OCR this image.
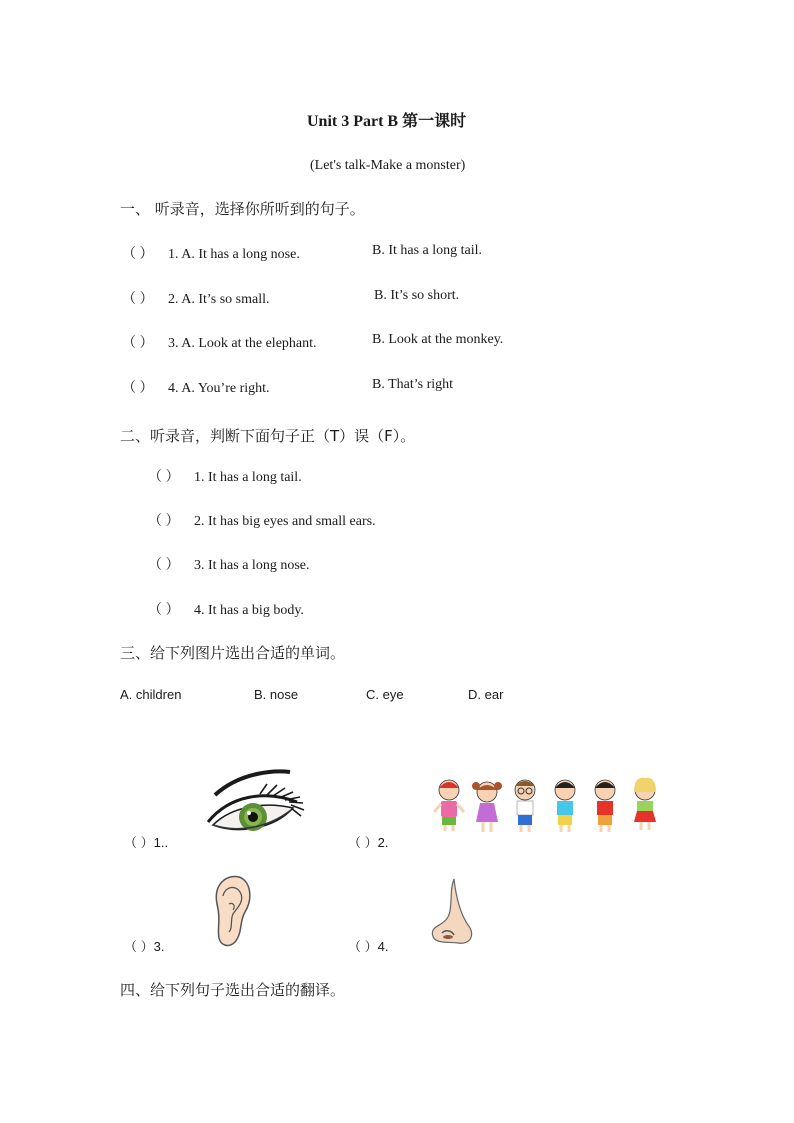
Unit 3 Part B 第一课时
(Let's talk-Make a monster)
一、 听录音，选择你所听到的句子。
（ ） 1. A. It has a long nose.	B. It has a long tail.
（ ） 2. A. It’s so small.	B. It’s so short.
（ ） 3. A. Look at the elephant.	B. Look at the monkey.
（ ） 4. A. You’re right.	B. That’s right
二、听录音，判断下面句子正（T）误（F）。
（ ） 1. It has a long tail.
（ ） 2. It has big eyes and small ears.
（ ） 3. It has a long nose.
（ ） 4. It has a big body.
三、给下列图片选出合适的单词。
A. children	B. nose	C. eye	D. ear
（ ）1..	（ ）2.
（ ）3.	（ ）4.
四、给下列句子选出合适的翻译。
